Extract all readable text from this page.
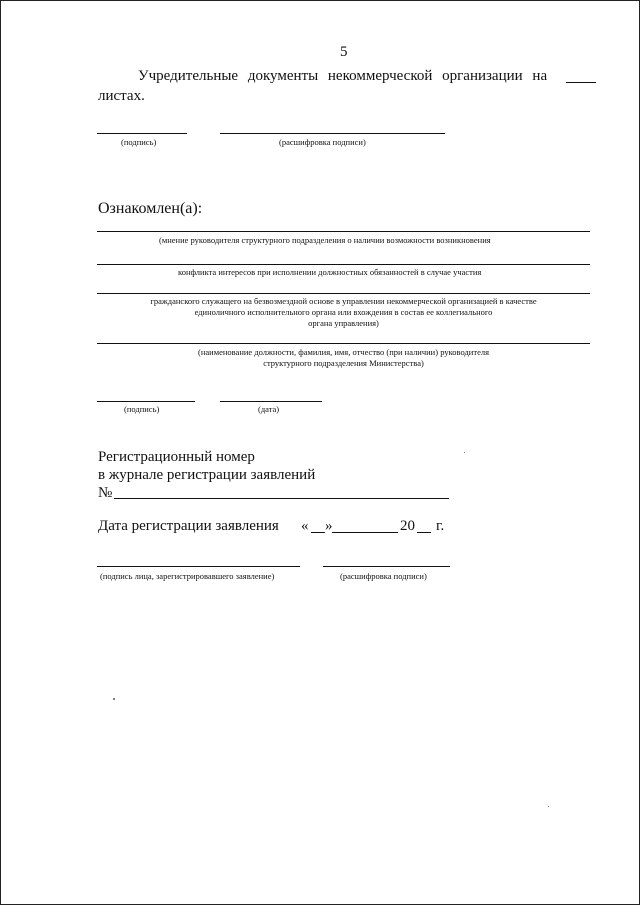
5
Учредительные документы некоммерческой организации на
листах.
(подпись)	(расшифровка подписи)
Ознакомлен(а):
(мнение руководителя структурного подразделения о наличии возможности возникновения
конфликта интересов при исполнении должностных обязанностей в случае участия
гражданского служащего на безвозмездной основе в управлении некоммерческой организацией в качестве
единоличного исполнительного органа или вхождения в состав ее коллегиального
органа управления)
(наименование должности, фамилия, имя, отчество (при наличии) руководителя
структурного подразделения Министерства)
(подпись)	(дата)
Регистрационный номер
в журнале регистрации заявлений
№
Дата регистрации заявления « »	20 г.
(подпись лица, зарегистрировавшего заявление)	(расшифровка подписи)
